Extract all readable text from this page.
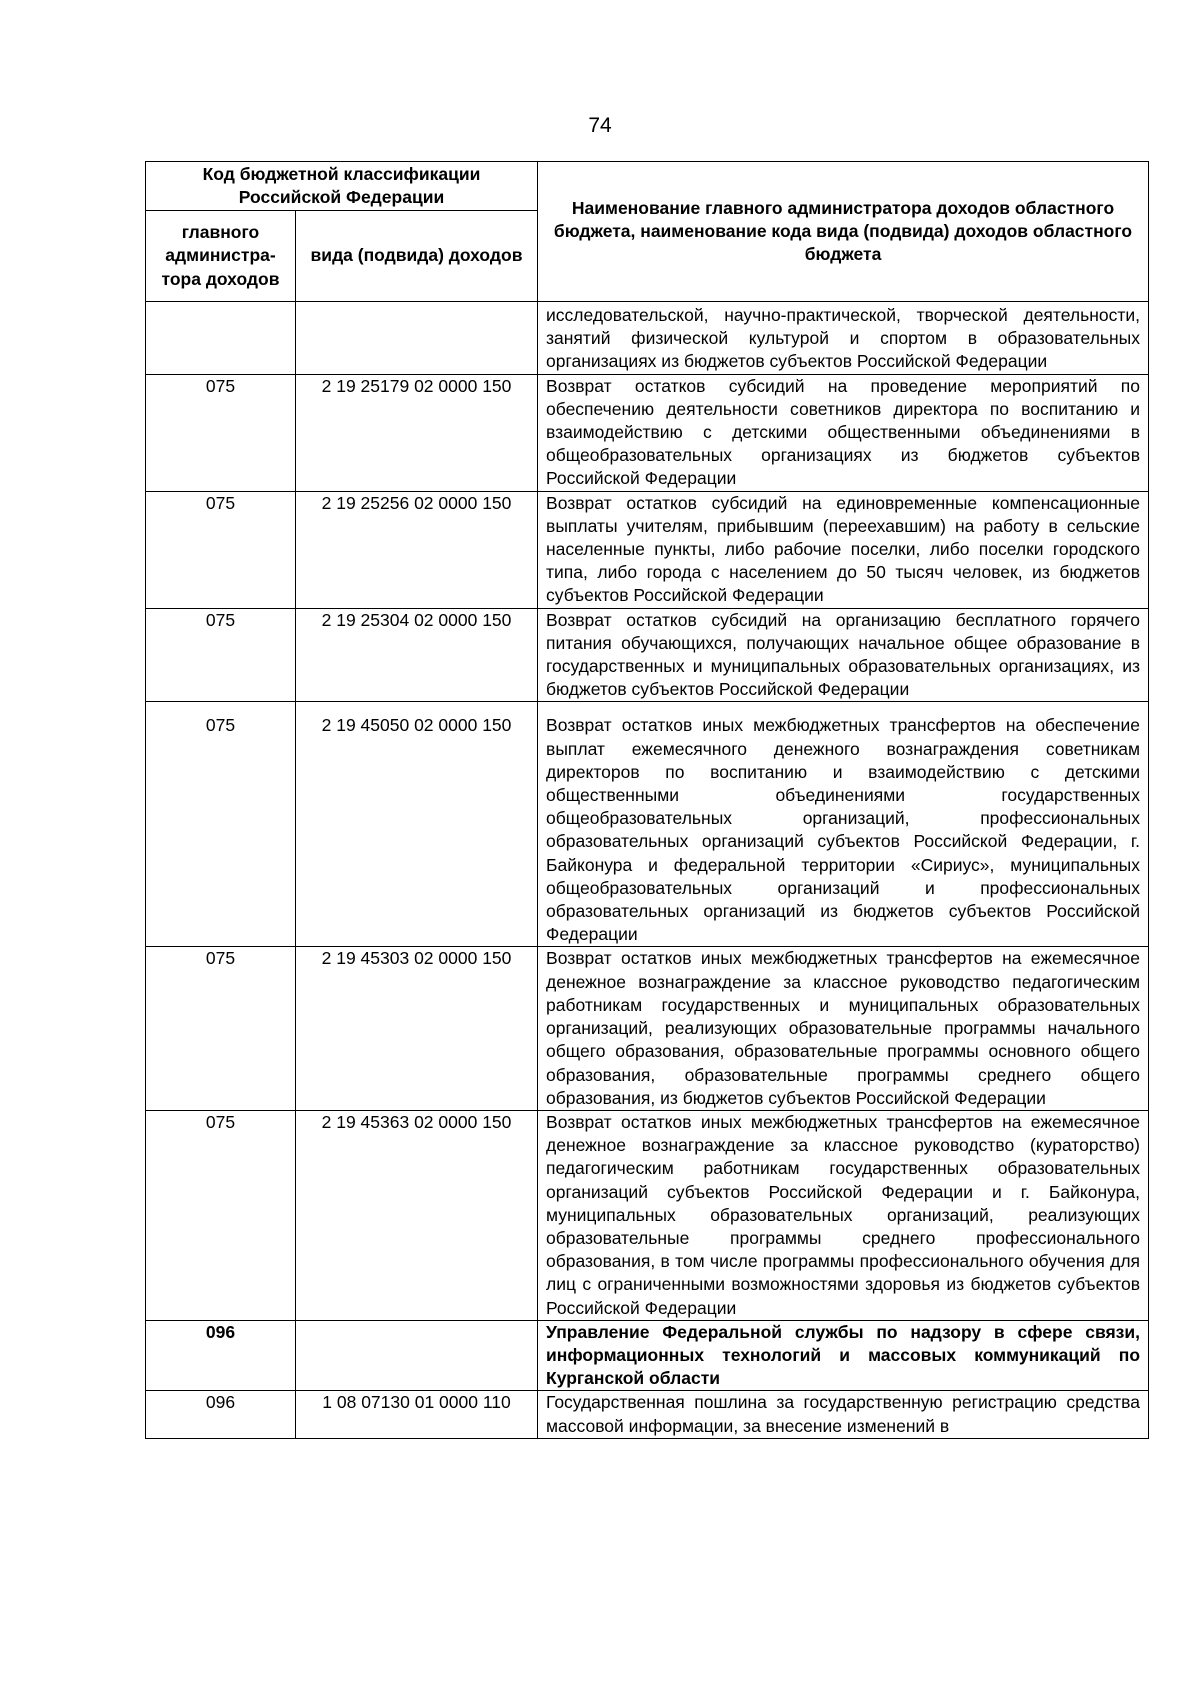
74
Код бюджетной классификации Российской Федерации		Наименование главного администратора доходов областного бюджета, наименование кода вида (подвида) доходов областного бюджета
главного администра-тора доходов	вида (подвида) доходов	
		исследовательской, научно-практической, творческой деятельности, занятий физической культурой и спортом в образовательных организациях из бюджетов субъектов Российской Федерации
075	2 19 25179 02 0000 150	Возврат остатков субсидий на проведение мероприятий по обеспечению деятельности советников директора по воспитанию и взаимодействию с детскими общественными объединениями в общеобразовательных организациях из бюджетов субъектов Российской Федерации
075	2 19 25256 02 0000 150	Возврат остатков субсидий на единовременные компенсационные выплаты учителям, прибывшим (переехавшим) на работу в сельские населенные пункты, либо рабочие поселки, либо поселки городского типа, либо города с населением до 50 тысяч человек, из бюджетов субъектов Российской Федерации
075	2 19 25304 02 0000 150	Возврат остатков субсидий на организацию бесплатного горячего питания обучающихся, получающих начальное общее образование в государственных и муниципальных образовательных организациях, из бюджетов субъектов Российской Федерации
075	2 19 45050 02 0000 150	Возврат остатков иных межбюджетных трансфертов на обеспечение выплат ежемесячного денежного вознаграждения советникам директоров по воспитанию и взаимодействию с детскими общественными объединениями государственных общеобразовательных организаций, профессиональных образовательных организаций субъектов Российской Федерации, г. Байконура и федеральной территории «Сириус», муниципальных общеобразовательных организаций и профессиональных образовательных организаций из бюджетов субъектов Российской Федерации
075	2 19 45303 02 0000 150	Возврат остатков иных межбюджетных трансфертов на ежемесячное денежное вознаграждение за классное руководство педагогическим работникам государственных и муниципальных образовательных организаций, реализующих образовательные программы начального общего образования, образовательные программы основного общего образования, образовательные программы среднего общего образования, из бюджетов субъектов Российской Федерации
075	2 19 45363 02 0000 150	Возврат остатков иных межбюджетных трансфертов на ежемесячное денежное вознаграждение за классное руководство (кураторство) педагогическим работникам государственных образовательных организаций субъектов Российской Федерации и г. Байконура, муниципальных образовательных организаций, реализующих образовательные программы среднего профессионального образования, в том числе программы профессионального обучения для лиц с ограниченными возможностями здоровья из бюджетов субъектов Российской Федерации
096		Управление Федеральной службы по надзору в сфере связи, информационных технологий и массовых коммуникаций по Курганской области
096	1 08 07130 01 0000 110	Государственная пошлина за государственную регистрацию средства массовой информации, за внесение изменений в
